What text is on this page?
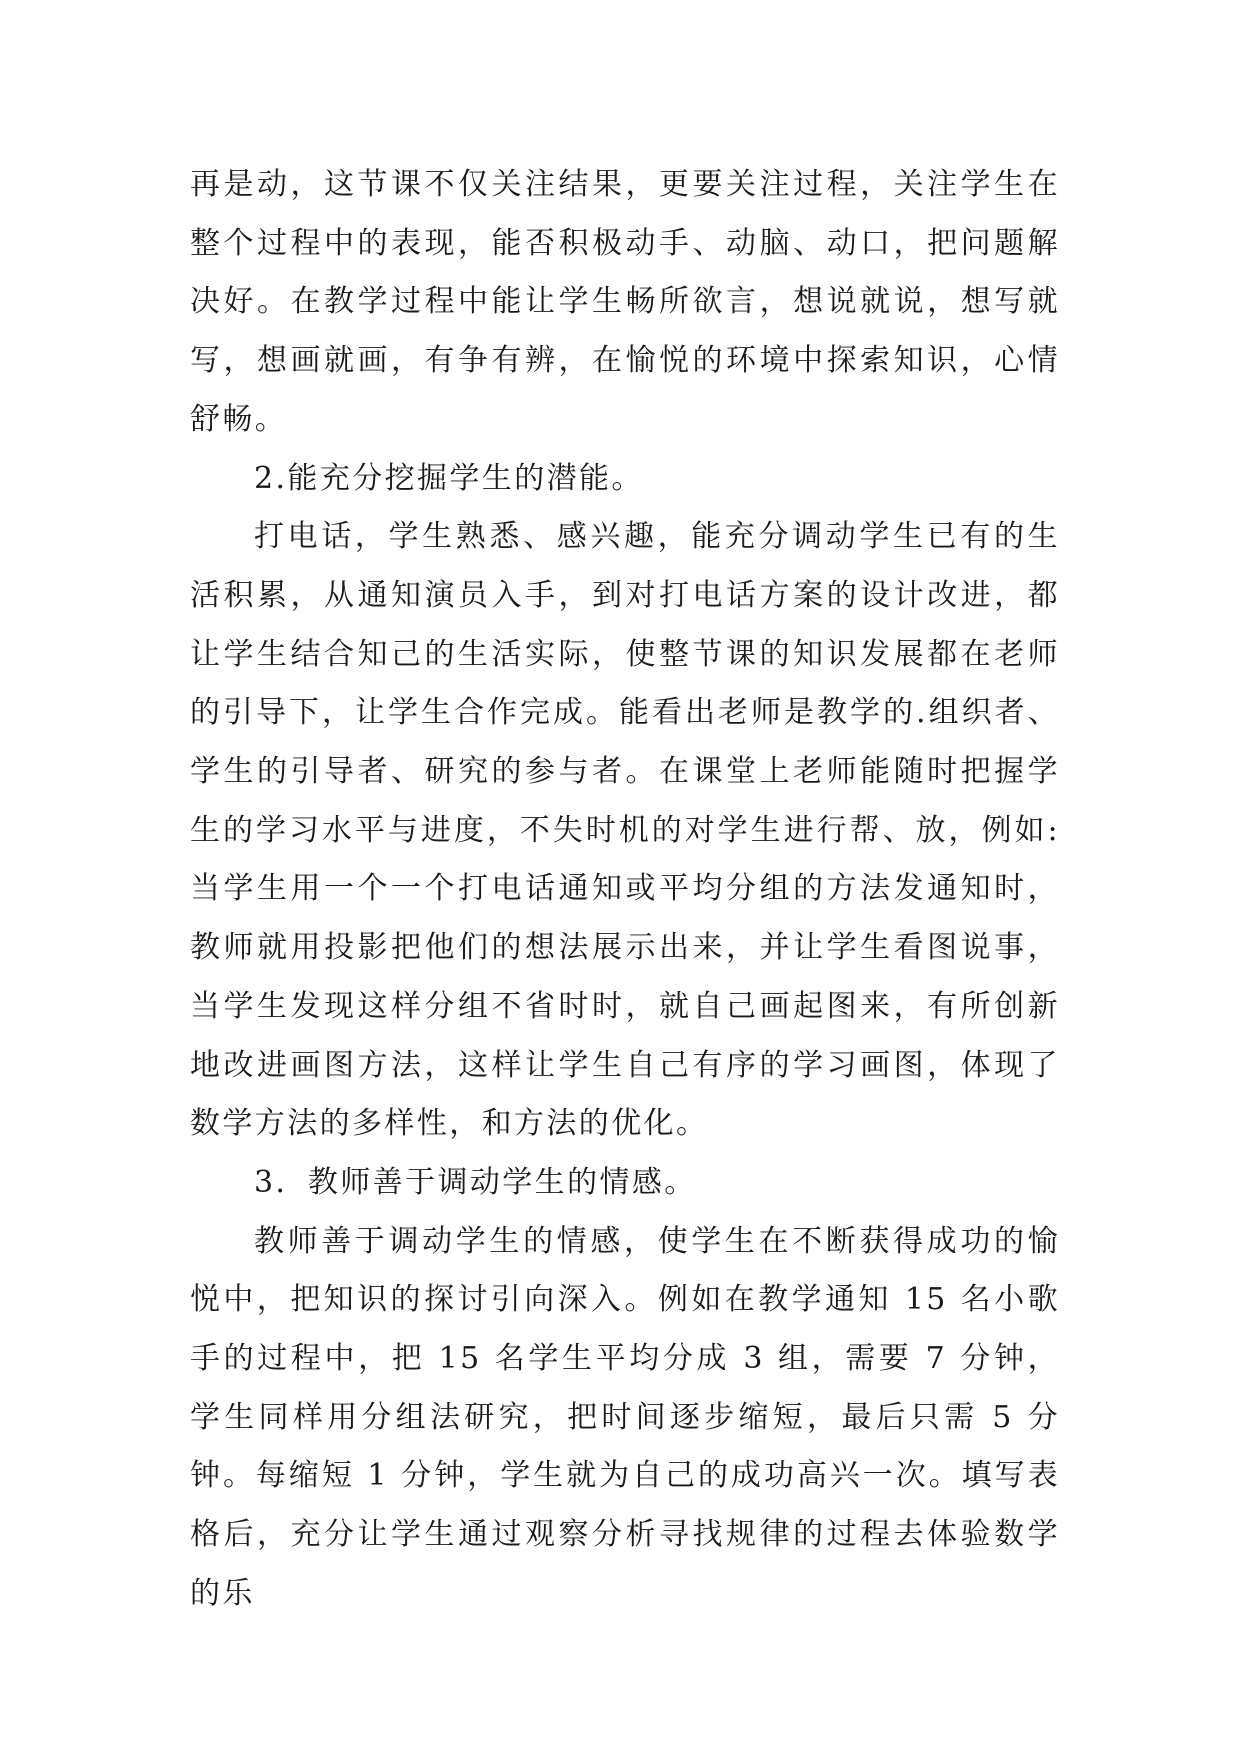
再是动，这节课不仅关注结果，更要关注过程，关注学生在整个过程中的表现，能否积极动手、动脑、动口，把问题解决好。在教学过程中能让学生畅所欲言，想说就说，想写就写，想画就画，有争有辨，在愉悦的环境中探索知识，心情舒畅。

2.能充分挖掘学生的潜能。

打电话，学生熟悉、感兴趣，能充分调动学生已有的生活积累，从通知演员入手，到对打电话方案的设计改进，都让学生结合知己的生活实际，使整节课的知识发展都在老师的引导下，让学生合作完成。能看出老师是教学的.组织者、学生的引导者、研究的参与者。在课堂上老师能随时把握学生的学习水平与进度，不失时机的对学生进行帮、放，例如:当学生用一个一个打电话通知或平均分组的方法发通知时，教师就用投影把他们的想法展示出来，并让学生看图说事，当学生发现这样分组不省时时，就自己画起图来，有所创新地改进画图方法，这样让学生自己有序的学习画图，体现了数学方法的多样性，和方法的优化。

3．教师善于调动学生的情感。

教师善于调动学生的情感，使学生在不断获得成功的愉悦中，把知识的探讨引向深入。例如在教学通知 15 名小歌手的过程中，把 15 名学生平均分成 3 组，需要 7 分钟，学生同样用分组法研究，把时间逐步缩短，最后只需 5 分钟。每缩短 1 分钟，学生就为自己的成功高兴一次。填写表格后，充分让学生通过观察分析寻找规律的过程去体验数学的乐
